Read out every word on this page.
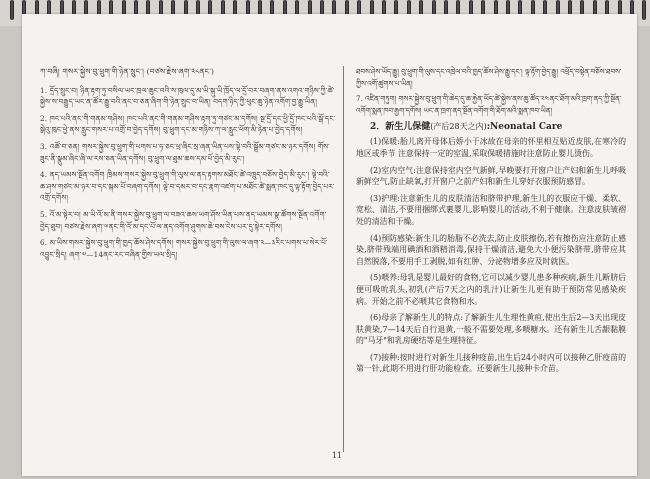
ཀ་བཞི། གསར་སྐྱེས་བུ་ཕྲུག་གི་ཉེན་སྲུང་། (བཙས་རྗེས་ཞག་༢༨ནང་)

1. དྲོད་སྲུང་བ། ཉིན་རྟག་ཏུ་བསིལ་ཡང་ཁྲལ་ཆུང་བའི་ས་ཁུལ་དུ་མ་ཡི་སྐུ་ཡི་ཁྲོད་ལ་དྲོ་བར་བཞག་ནས་འགའ་གཉིས་ཀྱི་ཚེ་སྐྱེས་ས་བརྒྱུད་ཡང་ན་ཚོར་རྒྱུ་བའི་ནང་བ་ཅན་ཞིག་གི་ཉེན་སྲུང་བ་ཡིན། བདག་ཉིད་ཀྱི་ཕུང་ཆུ་ཉེན་འགོག་བྱ་རྒྱུ་ཡིན།

2. ཁང་པའི་ནང་གི་གནམ་གཤིས། ཁང་པའི་ནང་གི་གནམ་གཤིས་རྟག་ཏུ་གཙང་མ་དགོས། སྔ་དྲོ་དང་ཕྱི་དྲོ་ཁང་པའི་སྒོ་དང་སྒེའུ་ཁུང་ཕྱེ་ནས་རླུང་གསར་པ་འགྲོ་བ་བྱེད་དགོས། བུ་ཕྲུག་དང་མ་གཉིས་ཀ་ལ་རླུང་ཕོག་མི་ཉེན་པ་བྱེད་དགོས།

3. འཚོ་བ་ཅན། གསར་སྐྱེས་བུ་ཕྲུག་གི་པགས་པ་ཧ་ཅང་ཕྲ་ཞིང་སྲ་ཞན་ཡིན་པས་ལྟེ་བའི་སྒྲོམ་གཙང་མ་ཉར་དགོས། གོས་ཟུང་ནི་སྣུམ་ཞིང་ཞི་ལ་རས་ཅན་ཡིན་དགོས། བུ་ཕྲུག་ལ་ཐུམ་ཆས་དམ་པོ་བྱེད་མི་རུང་།

4. ནད་ཡམས་སྔོན་འགོག ཁྲིམས་གསར་སྐྱེས་བུ་ཕྲུག་གི་ལུས་ལ་ནད་རྟགས་མཐོང་ཚེ་འཁྲུད་བཅོས་བྱེད་མི་རུང་། ལྟེ་བའི་ཆ་ཤས་གཙང་མ་ཉར་བ་དང་སྐམ་པོ་བཞག་དགོས། ལྟེ་བ་དམར་བ་དང་རྣག་འཛག་པ་མཐོང་ཚེ་སྨན་ཁང་དུ་ལྟ་རྟོག་བྱེད་པར་འགྲོ་དགོས།

5. འོ་མ་སྟེར་བ། མ་ཡི་འོ་མ་ནི་གསར་སྐྱེས་བུ་ཕྲུག་ལ་བཟའ་ཆས་ཡག་ཤོས་ཡིན་པས་ནད་ཡམས་སྣ་ཚོགས་སྔོན་འགོག་བྱེད་ཐུབ། བཙས་རྗེས་ཞག་༧ནང་གི་འོ་མ་དང་པོ་ལ་ནད་འགོག་ཤུགས་ཆེ་བས་ངེས་པར་དུ་སྟེར་དགོས།

6. མ་ཡིས་གསར་སྐྱེས་བུ་ཕྲུག་གི་ཁྱད་ཆོས་ཤེས་དགོས། གསར་སྐྱེས་བུ་ཕྲུག་གི་ལུས་ལ་ཞག་༢—༣རིང་པགས་པ་སེར་པོ་འབྱུང་སྲིད། ཞག་༧—14ནང་རང་བཞིན་གྱིས་ཡལ་སྲིད།

ཐབས་ཤེས་ཡོད་རྒྱུ། བུ་ཕྲུག་གི་ལུས་དང་འཁྲེལ་བའི་ཁྱད་ཆོས་ཤེས་རྒྱུ་དང་། ལྟ་རྟོག་བྱེད་རྒྱུ། འཕྲོད་བསྟེན་བཅོས་ཐབས་ཀྱིས་འགོ་ཚུགས་པ་ཡིན།

7. འཛིན་གཏུག། གསར་སྐྱེས་བུ་ཕྲུག་གི་ཆེད་དུ་ཆ་རྐྱེན་ཡོད་ཚེ་སྐྱེས་ནས་ཆུ་ཚོད་༢༤ནང་ཐོག་མའི་ཁྲག་ནད་ཀྱི་སྔོན་འགོག་སྨན་ཁབ་རྒྱག་དགོས། ཡང་ན་ཁྲག་ནད་སྔོན་འགོག་གི་ཐོག་མའི་སྨན་ཁབ་ཡིན།

2．新生儿保健(产后28天之内):Neonatal Care

(1)保暖:胎儿离开母体后娇小于冰故在母亲的怀里相互贴近皮肤,在寒冷的地区或季节 注意保持一定的室温,采取保暖措施时注意防止婴儿烫伤。

(2)室内空气:注意保持室内空气新鲜,早晚要打开窗户让产妇和新生儿呼吸新鲜空气,防止缺氧,打开窗户之前产妇和新生儿穿好衣服预防感冒。

(3)护理:注意新生儿的皮肤清洁和脐带护理,新生儿的衣服应干燥、柔软、宽松、清洁,不要用捆绑式裹婴儿,影响婴儿的活动,不利于健康。注意皮肤皱褶处的清洁和干燥。

(4)预防感染:新生儿的胎脂不必洗去,防止皮肤擦伤,若有擦伤应注意防止感染,脐带残端用碘酒和酒精消毒,保持干燥清洁,避免大小便污染脐带,脐带应其自然脱落,不要用手工剥脱,如有红肿、分泌物增多应及时就医。

(5)喂养:母乳是婴儿最好的食物,它可以减少婴儿患多种疾病,新生儿断脐后便可吸吮乳头,初乳(产后7天之内的乳汁)让新生儿更有助于预防常见感染疾病。开始之前不必喂其它食物和水。

(6)母亲了解新生儿的特点:了解新生儿生理性黄疸,使出生后2—3天出现皮肤黄染,7—14天后自行退黄,一般不需要处理,多喂糖水。还有新生儿舌龈黏膜的"马牙"和乳房硬结等是生理特征。

(7)接种:按时进行对新生儿接种疫苗,出生后24小时内可以接种乙肝疫苗的第一针,此期不用进行肝功能检查。还要新生儿接种卡介苗。

11
